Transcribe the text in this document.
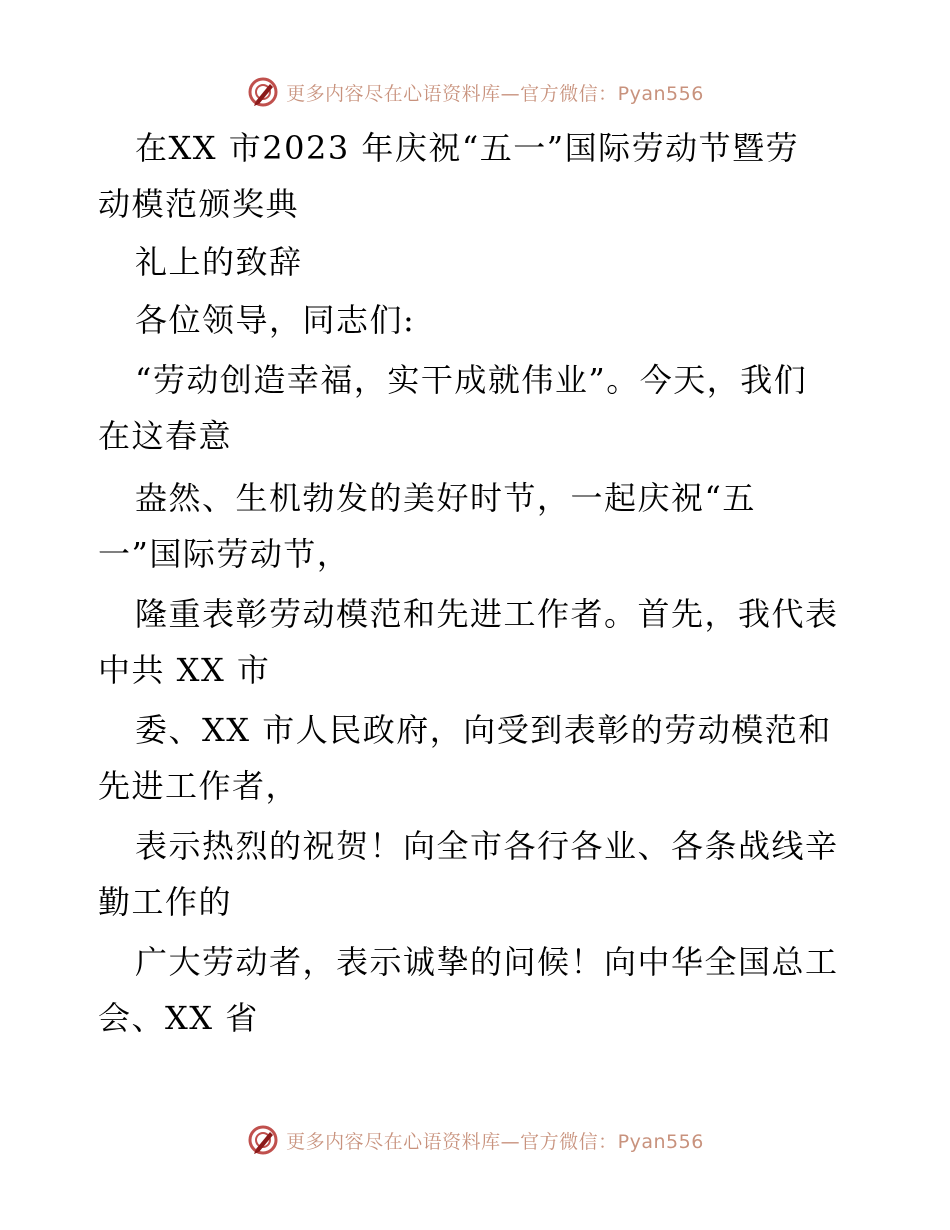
更多内容尽在心语资料库—官方微信：Pyan556
在XX 市2023 年庆祝“五一”国际劳动节暨劳
动模范颁奖典
礼上的致辞
各位领导，同志们:
“劳动创造幸福，实干成就伟业”。今天，我们
在这春意
盎然、生机勃发的美好时节，一起庆祝“五
一”国际劳动节，
隆重表彰劳动模范和先进工作者。首先，我代表
中共 XX 市
委、XX 市人民政府，向受到表彰的劳动模范和
先进工作者，
表示热烈的祝贺！向全市各行各业、各条战线辛
勤工作的
广大劳动者，表示诚挚的问候！向中华全国总工
会、XX 省
更多内容尽在心语资料库—官方微信：Pyan556
